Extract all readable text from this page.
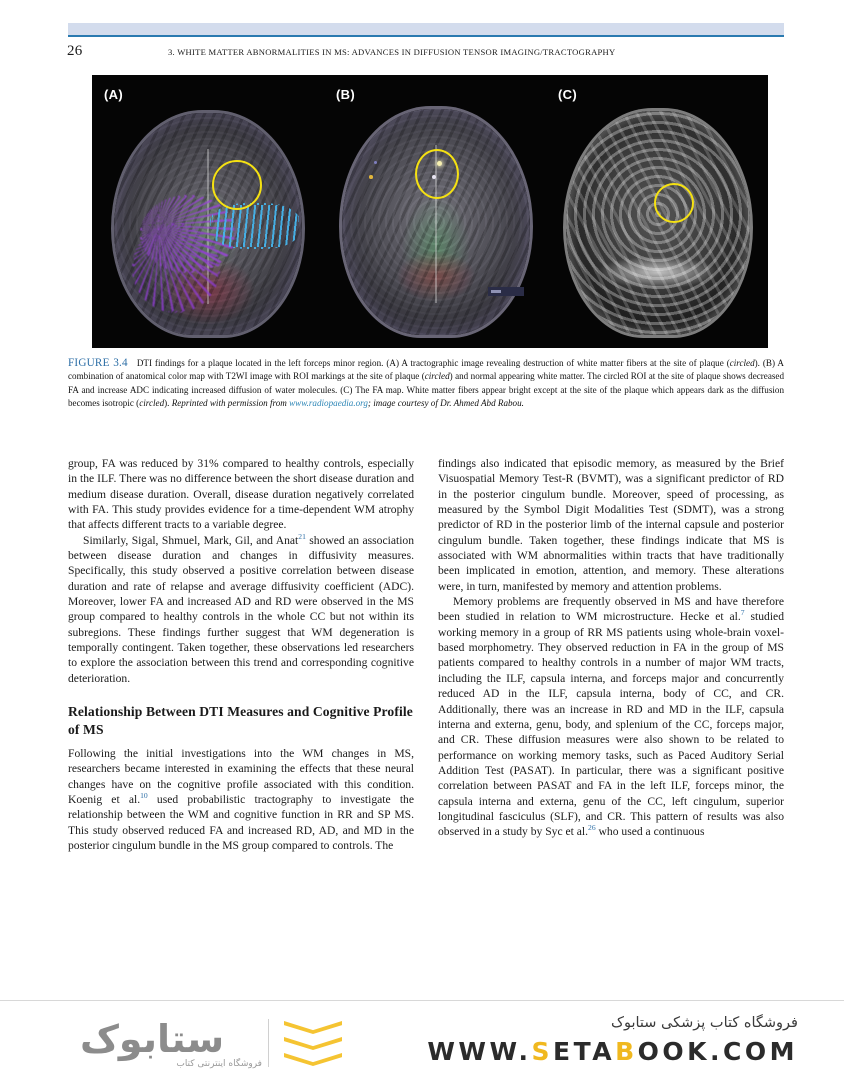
26	3. WHITE MATTER ABNORMALITIES IN MS: ADVANCES IN DIFFUSION TENSOR IMAGING/TRACTOGRAPHY
(A)	(B)	(C)
FIGURE 3.4 DTI findings for a plaque located in the left forceps minor region. (A) A tractographic image revealing destruction of white matter fibers at the site of plaque (circled). (B) A combination of anatomical color map with T2WI image with ROI markings at the site of plaque (circled) and normal appearing white matter. The circled ROI at the site of plaque shows decreased FA and increase ADC indicating increased diffusion of water molecules. (C) The FA map. White matter fibers appear bright except at the site of the plaque which appears dark as the diffusion becomes isotropic (circled). Reprinted with permission from www.radiopaedia.org; image courtesy of Dr. Ahmed Abd Rabou.

group, FA was reduced by 31% compared to healthy controls, especially in the ILF. There was no difference between the short disease duration and medium disease duration. Overall, disease duration negatively correlated with FA. This study provides evidence for a time-dependent WM atrophy that affects different tracts to a variable degree.

Similarly, Sigal, Shmuel, Mark, Gil, and Anat$^{21}$ showed an association between disease duration and changes in diffusivity measures. Specifically, this study observed a positive correlation between disease duration and rate of relapse and average diffusivity coefficient (ADC). Moreover, lower FA and increased AD and RD were observed in the MS group compared to healthy controls in the whole CC but not within its subregions. These findings further suggest that WM degeneration is temporally contingent. Taken together, these observations led researchers to explore the association between this trend and corresponding cognitive deterioration.

Relationship Between DTI Measures and Cognitive Profile of MS

Following the initial investigations into the WM changes in MS, researchers became interested in examining the effects that these neural changes have on the cognitive profile associated with this condition. Koenig et al.$^{10}$ used probabilistic tractography to investigate the relationship between the WM and cognitive function in RR and SP MS. This study observed reduced FA and increased RD, AD, and MD in the posterior cingulum bundle in the MS group compared to controls. The

findings also indicated that episodic memory, as measured by the Brief Visuospatial Memory Test-R (BVMT), was a significant predictor of RD in the posterior cingulum bundle. Moreover, speed of processing, as measured by the Symbol Digit Modalities Test (SDMT), was a strong predictor of RD in the posterior limb of the internal capsule and posterior cingulum bundle. Taken together, these findings indicate that MS is associated with WM abnormalities within tracts that have traditionally been implicated in emotion, attention, and memory. These alterations were, in turn, manifested by memory and attention problems.

Memory problems are frequently observed in MS and have therefore been studied in relation to WM microstructure. Hecke et al.$^7$ studied working memory in a group of RR MS patients using whole-brain voxel-based morphometry. They observed reduction in FA in the group of MS patients compared to healthy controls in a number of major WM tracts, including the ILF, capsula interna, and forceps major and concurrently reduced AD in the ILF, capsula interna, body of CC, and CR. Additionally, there was an increase in RD and MD in the ILF, capsula interna and externa, genu, body, and splenium of the CC, forceps major, and CR. These diffusion measures were also shown to be related to performance on working memory tasks, such as Paced Auditory Serial Addition Test (PASAT). In particular, there was a significant positive correlation between PASAT and FA in the left ILF, forceps minor, the capsula interna and externa, genu of the CC, left cingulum, superior longitudinal fasciculus (SLF), and CR. This pattern of results was also observed in a study by Syc et al.$^{26}$ who used a continuous

ستابوک
فروشگاه اینترنتی کتاب
فروشگاه کتاب پزشکی ستابوک
WWW.SETABOOK.COM
